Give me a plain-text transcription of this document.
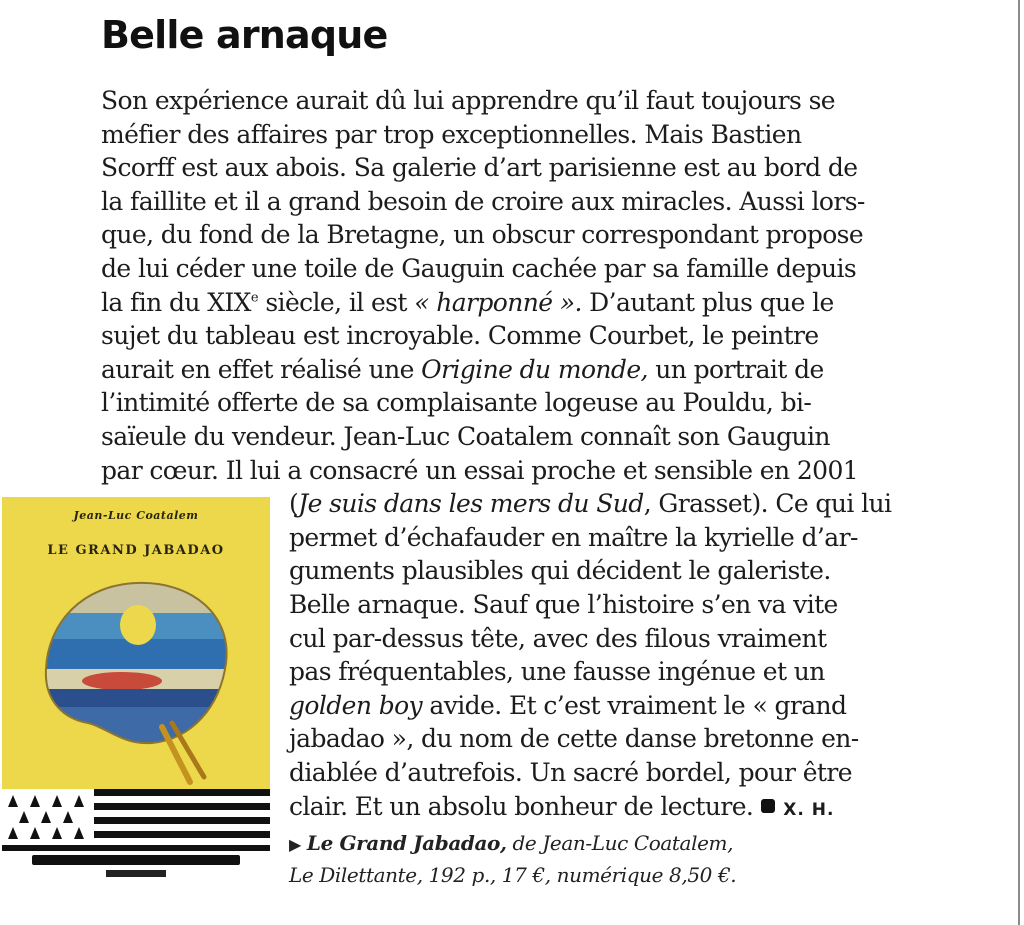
Belle arnaque
Son expérience aurait dû lui apprendre qu’il faut toujours se
méfier des affaires par trop exceptionnelles. Mais Bastien
Scorff est aux abois. Sa galerie d’art parisienne est au bord de
la faillite et il a grand besoin de croire aux miracles. Aussi lors-
que, du fond de la Bretagne, un obscur correspondant propose
de lui céder une toile de Gauguin cachée par sa famille depuis
la fin du XIXe siècle, il est « harponné ». D’autant plus que le
sujet du tableau est incroyable. Comme Courbet, le peintre
aurait en effet réalisé une Origine du monde, un portrait de
l’intimité offerte de sa complaisante logeuse au Pouldu, bi-
saïeule du vendeur. Jean-Luc Coatalem connaît son Gauguin
par cœur. Il lui a consacré un essai proche et sensible en 2001
(Je suis dans les mers du Sud, Grasset). Ce qui lui
permet d’échafauder en maître la kyrielle d’ar-
guments plausibles qui décident le galeriste.
Belle arnaque. Sauf que l’histoire s’en va vite
cul par-dessus tête, avec des filous vraiment
pas fréquentables, une fausse ingénue et un
golden boy avide. Et c’est vraiment le « grand
jabadao », du nom de cette danse bretonne en-
diablée d’autrefois. Un sacré bordel, pour être
clair. Et un absolu bonheur de lecture. X. H.
▶ Le Grand Jabadao, de Jean-Luc Coatalem,
Le Dilettante, 192 p., 17 €, numérique 8,50 €.
Jean-Luc Coatalem
LE GRAND JABADAO
